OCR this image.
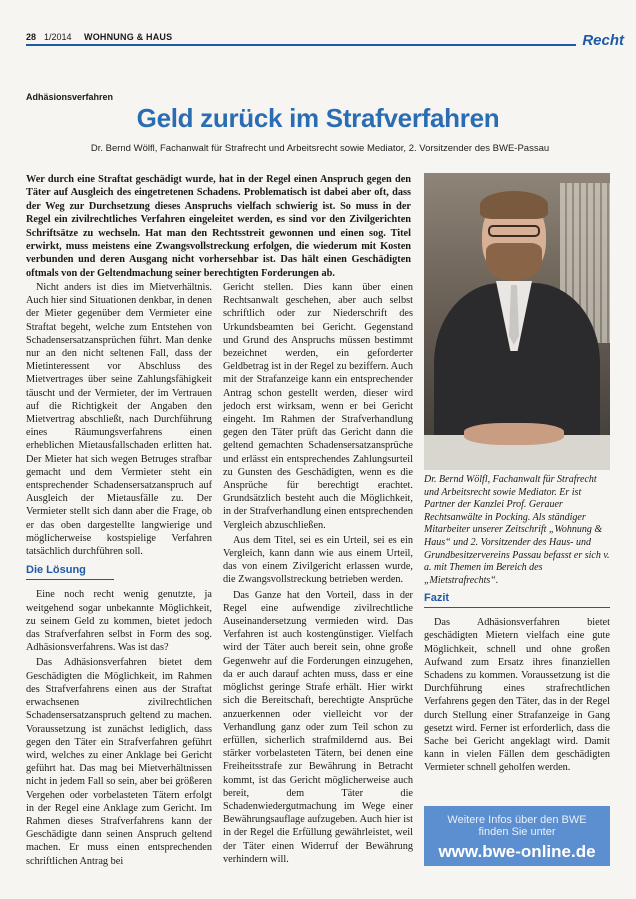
28 1/2014 WOHNUNG & HAUS	Recht
Adhäsionsverfahren
Geld zurück im Strafverfahren
Dr. Bernd Wölfl, Fachanwalt für Strafrecht und Arbeitsrecht sowie Mediator, 2. Vorsitzender des BWE-Passau
Wer durch eine Straftat geschädigt wurde, hat in der Regel einen Anspruch gegen den Täter auf Ausgleich des eingetretenen Schadens. Problematisch ist dabei aber oft, dass der Weg zur Durchsetzung dieses Anspruchs vielfach schwierig ist. So muss in der Regel ein zivilrechtliches Verfahren eingeleitet werden, es sind vor den Zivilgerichten Schriftsätze zu wechseln. Hat man den Rechtsstreit gewonnen und einen sog. Titel erwirkt, muss meistens eine Zwangsvollstreckung erfolgen, die wiederum mit Kosten verbunden und deren Ausgang nicht vorhersehbar ist. Das hält einen Geschädigten oftmals von der Geltendmachung seiner berechtigten Forderungen ab.

Nicht anders ist dies im Mietverhältnis. Auch hier sind Situationen denkbar, in denen der Mieter gegenüber dem Vermieter eine Straftat begeht, welche zum Entstehen von Schadensersatzansprüchen führt. Man denke nur an den nicht seltenen Fall, dass der Mietinteressent vor Abschluss des Mietvertrages über seine Zahlungsfähigkeit täuscht und der Vermieter, der im Vertrauen auf die Richtigkeit der Angaben den Mietvertrag abschließt, nach Durchführung eines Räumungsverfahrens einen erheblichen Mietausfallschaden erlitten hat. Der Mieter hat sich wegen Betruges strafbar gemacht und dem Vermieter steht ein entsprechender Schadensersatzanspruch auf Ausgleich der Mietausfälle zu. Der Vermieter stellt sich dann aber die Frage, ob er das oben dargestellte langwierige und möglicherweise kostspielige Verfahren tatsächlich durchführen soll.

Die Lösung

Eine noch recht wenig genutzte, ja weitgehend sogar unbekannte Möglichkeit, zu seinem Geld zu kommen, bietet jedoch das Strafverfahren selbst in Form des sog. Adhäsionsverfahrens. Was ist das?

Das Adhäsionsverfahren bietet dem Geschädigten die Möglichkeit, im Rahmen des Strafverfahrens einen aus der Straftat erwachsenen zivilrechtlichen Schadensersatzanspruch geltend zu machen. Voraussetzung ist zunächst lediglich, dass gegen den Täter ein Strafverfahren geführt wird, welches zu einer Anklage bei Gericht geführt hat. Das mag bei Mietverhältnissen nicht in jedem Fall so sein, aber bei größeren Vergehen oder vorbelasteten Tätern erfolgt in der Regel eine Anklage zum Gericht. Im Rahmen dieses Strafverfahrens kann der Geschädigte dann seinen Anspruch geltend machen. Er muss einen entsprechenden schriftlichen Antrag bei

Gericht stellen. Dies kann über einen Rechtsanwalt geschehen, aber auch selbst schriftlich oder zur Niederschrift des Urkundsbeamten bei Gericht. Gegenstand und Grund des Anspruchs müssen bestimmt bezeichnet werden, ein geforderter Geldbetrag ist in der Regel zu beziffern. Auch mit der Strafanzeige kann ein entsprechender Antrag schon gestellt werden, dieser wird jedoch erst wirksam, wenn er bei Gericht eingeht. Im Rahmen der Strafverhandlung gegen den Täter prüft das Gericht dann die geltend gemachten Schadensersatzansprüche und erlässt ein entsprechendes Zahlungsurteil zu Gunsten des Geschädigten, wenn es die Ansprüche für berechtigt erachtet. Grundsätzlich besteht auch die Möglichkeit, in der Strafverhandlung einen entsprechenden Vergleich abzuschließen.

Aus dem Titel, sei es ein Urteil, sei es ein Vergleich, kann dann wie aus einem Urteil, das von einem Zivilgericht erlassen wurde, die Zwangsvollstreckung betrieben werden.

Das Ganze hat den Vorteil, dass in der Regel eine aufwendige zivilrechtliche Auseinandersetzung vermieden wird. Das Verfahren ist auch kostengünstiger. Vielfach wird der Täter auch bereit sein, ohne große Gegenwehr auf die Forderungen einzugehen, da er auch darauf achten muss, dass er eine möglichst geringe Strafe erhält. Hier wirkt sich die Bereitschaft, berechtigte Ansprüche anzuerkennen oder vielleicht vor der Verhandlung ganz oder zum Teil schon zu erfüllen, sicherlich strafmildernd aus. Bei stärker vorbelasteten Tätern, bei denen eine Freiheitsstrafe zur Bewährung in Betracht kommt, ist das Gericht möglicherweise auch bereit, dem Täter die Schadenwiedergutmachung im Wege einer Bewährungsauflage aufzugeben. Auch hier ist in der Regel die Erfüllung gewährleistet, weil der Täter einen Widerruf der Bewährung verhindern will.

Dr. Bernd Wölfl, Fachanwalt für Strafrecht und Arbeitsrecht sowie Mediator. Er ist Partner der Kanzlei Prof. Gerauer Rechtsanwälte in Pocking. Als ständiger Mitarbeiter unserer Zeitschrift „Wohnung & Haus“ und 2. Vorsitzender des Haus- und Grundbesitzervereins Passau befasst er sich v. a. mit Themen im Bereich des „Mietstrafrechts“.
Fazit

Das Adhäsionsverfahren bietet geschädigten Mietern vielfach eine gute Möglichkeit, schnell und ohne großen Aufwand zum Ersatz ihres finanziellen Schadens zu kommen. Voraussetzung ist die Durchführung eines strafrechtlichen Verfahrens gegen den Täter, das in der Regel durch Stellung einer Strafanzeige in Gang gesetzt wird. Ferner ist erforderlich, dass die Sache bei Gericht angeklagt wird. Damit kann in vielen Fällen dem geschädigten Vermieter schnell geholfen werden.

Weitere Infos über den BWE
finden Sie unter
www.bwe-online.de
